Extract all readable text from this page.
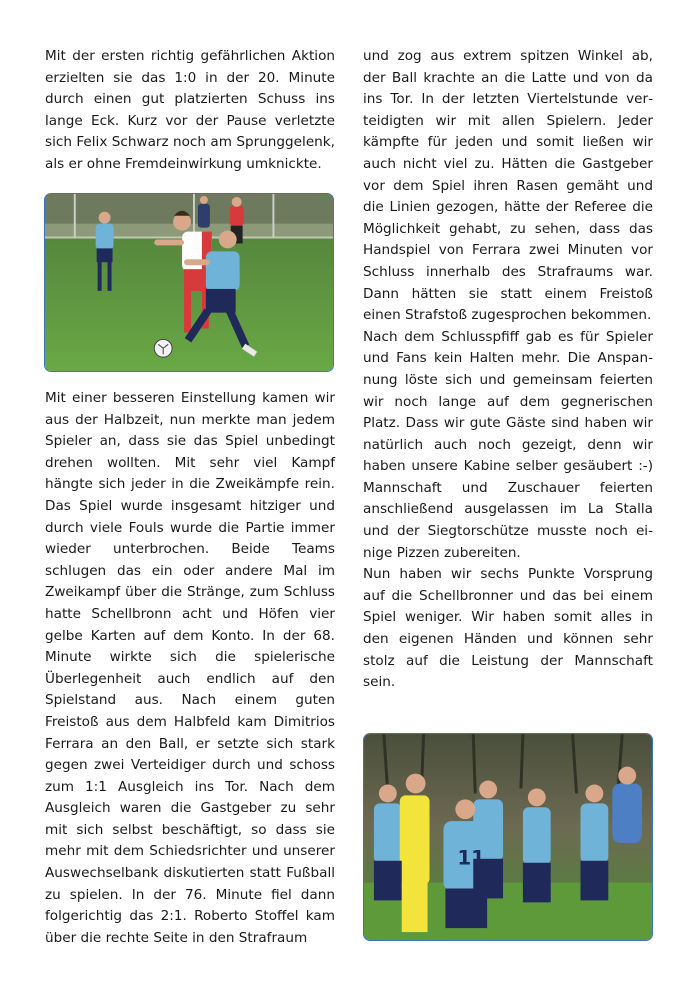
Mit der ersten richtig gefährlichen Aktion erzielten sie das 1:0 in der 20. Minute durch einen gut platzierten Schuss ins lange Eck. Kurz vor der Pause verletzte sich Felix Schwarz noch am Sprunggelenk, als er ohne Fremdeinwirkung umknickte.

Mit einer besseren Einstellung kamen wir aus der Halbzeit, nun merkte man jedem Spieler an, dass sie das Spiel unbedingt drehen wollten. Mit sehr viel Kampf hängte sich jeder in die Zweikämpfe rein. Das Spiel wurde insgesamt hitziger und durch viele Fouls wurde die Partie immer wieder unterbrochen. Beide Teams schlugen das ein oder andere Mal im Zweikampf über die Stränge, zum Schluss hatte Schellbronn acht und Höfen vier gelbe Karten auf dem Konto. In der 68. Minute wirkte sich die spielerische Überlegenheit auch endlich auf den Spielstand aus. Nach einem guten Freistoß aus dem Halbfeld kam Dimitrios Ferrara an den Ball, er setzte sich stark gegen zwei Verteidiger durch und schoss zum 1:1 Ausgleich ins Tor. Nach dem Ausgleich waren die Gastgeber zu sehr mit sich selbst beschäftigt, so dass sie mehr mit dem Schiedsrichter und unserer Auswechselbank diskutierten statt Fußball zu spielen. In der 76. Minute fiel dann folgerichtig das 2:1. Roberto Stoffel kam über die rechte Seite in den Strafraum

und zog aus extrem spitzen Winkel ab, der Ball krachte an die Latte und von da ins Tor. In der letzten Viertelstunde verteidigten wir mit allen Spielern. Jeder kämpfte für jeden und somit ließen wir auch nicht viel zu. Hätten die Gastgeber vor dem Spiel ihren Rasen gemäht und die Linien gezogen, hätte der Referee die Möglichkeit gehabt, zu sehen, dass das Handspiel von Ferrara zwei Minuten vor Schluss innerhalb des Strafraums war. Dann hätten sie statt einem Freistoß einen Strafstoß zugesprochen bekommen.

Nach dem Schlusspfiff gab es für Spieler und Fans kein Halten mehr. Die Anspannung löste sich und gemeinsam feierten wir noch lange auf dem gegnerischen Platz. Dass wir gute Gäste sind haben wir natürlich auch noch gezeigt, denn wir haben unsere Kabine selber gesäubert :-) Mannschaft und Zuschauer feierten anschließend ausgelassen im La Stalla und der Siegtorschütze musste noch einige Pizzen zubereiten.

Nun haben wir sechs Punkte Vorsprung auf die Schellbronner und das bei einem Spiel weniger. Wir haben somit alles in den eigenen Händen und können sehr stolz auf die Leistung der Mannschaft sein.

11
